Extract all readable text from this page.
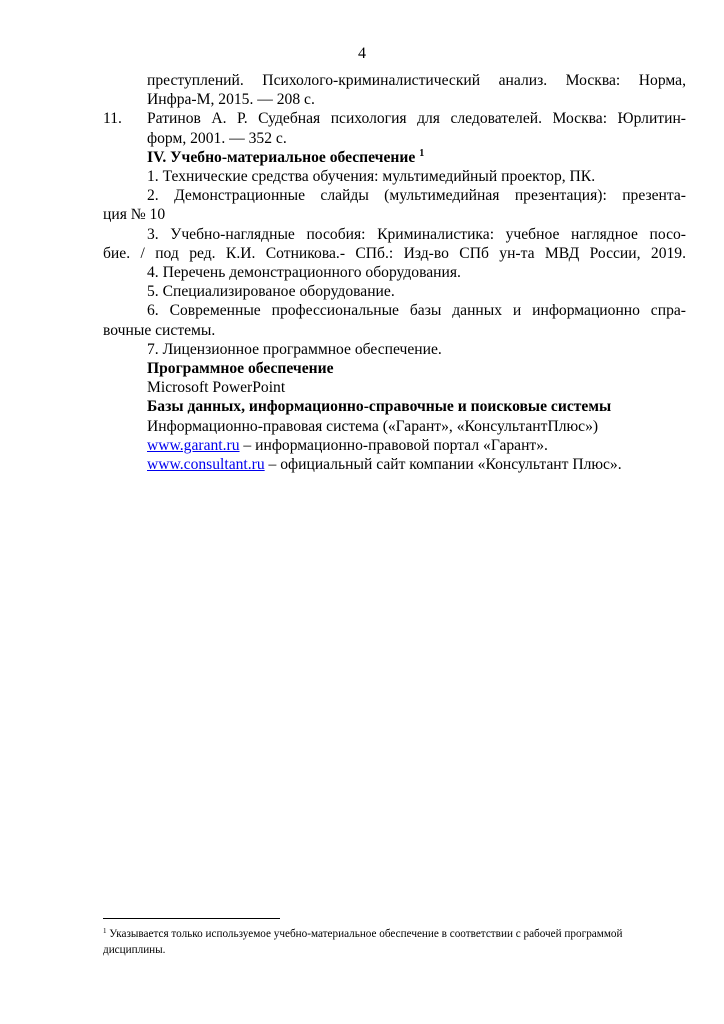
4
преступлений. Психолого-криминалистический анализ. Москва: Норма,
Инфра-М, 2015. — 208 с.
11. Ратинов А. Р. Судебная психология для следователей. Москва: Юрлитин-
форм, 2001. — 352 с.
IV. Учебно-материальное обеспечение $^1$
1. Технические средства обучения: мультимедийный проектор, ПК.
2. Демонстрационные слайды (мультимедийная презентация): презента-
ция № 10
3. Учебно-наглядные пособия: Криминалистика: учебное наглядное посо-
бие. / под ред. К.И. Сотникова.- СПб.: Изд-во СПб ун-та МВД России, 2019.
4. Перечень демонстрационного оборудования.
5. Специализированое оборудование.
6. Современные профессиональные базы данных и информационно спра-
вочные системы.
7. Лицензионное программное обеспечение.
Программное обеспечение
Microsoft PowerPoint
Базы данных, информационно-справочные и поисковые системы
Информационно-правовая система («Гарант», «КонсультантПлюс»)
www.garant.ru – информационно-правовой портал «Гарант».
www.consultant.ru – официальный сайт компании «Консультант Плюс».
$^1$ Указывается только используемое учебно-материальное обеспечение в соответствии с рабочей программой дисциплины.
